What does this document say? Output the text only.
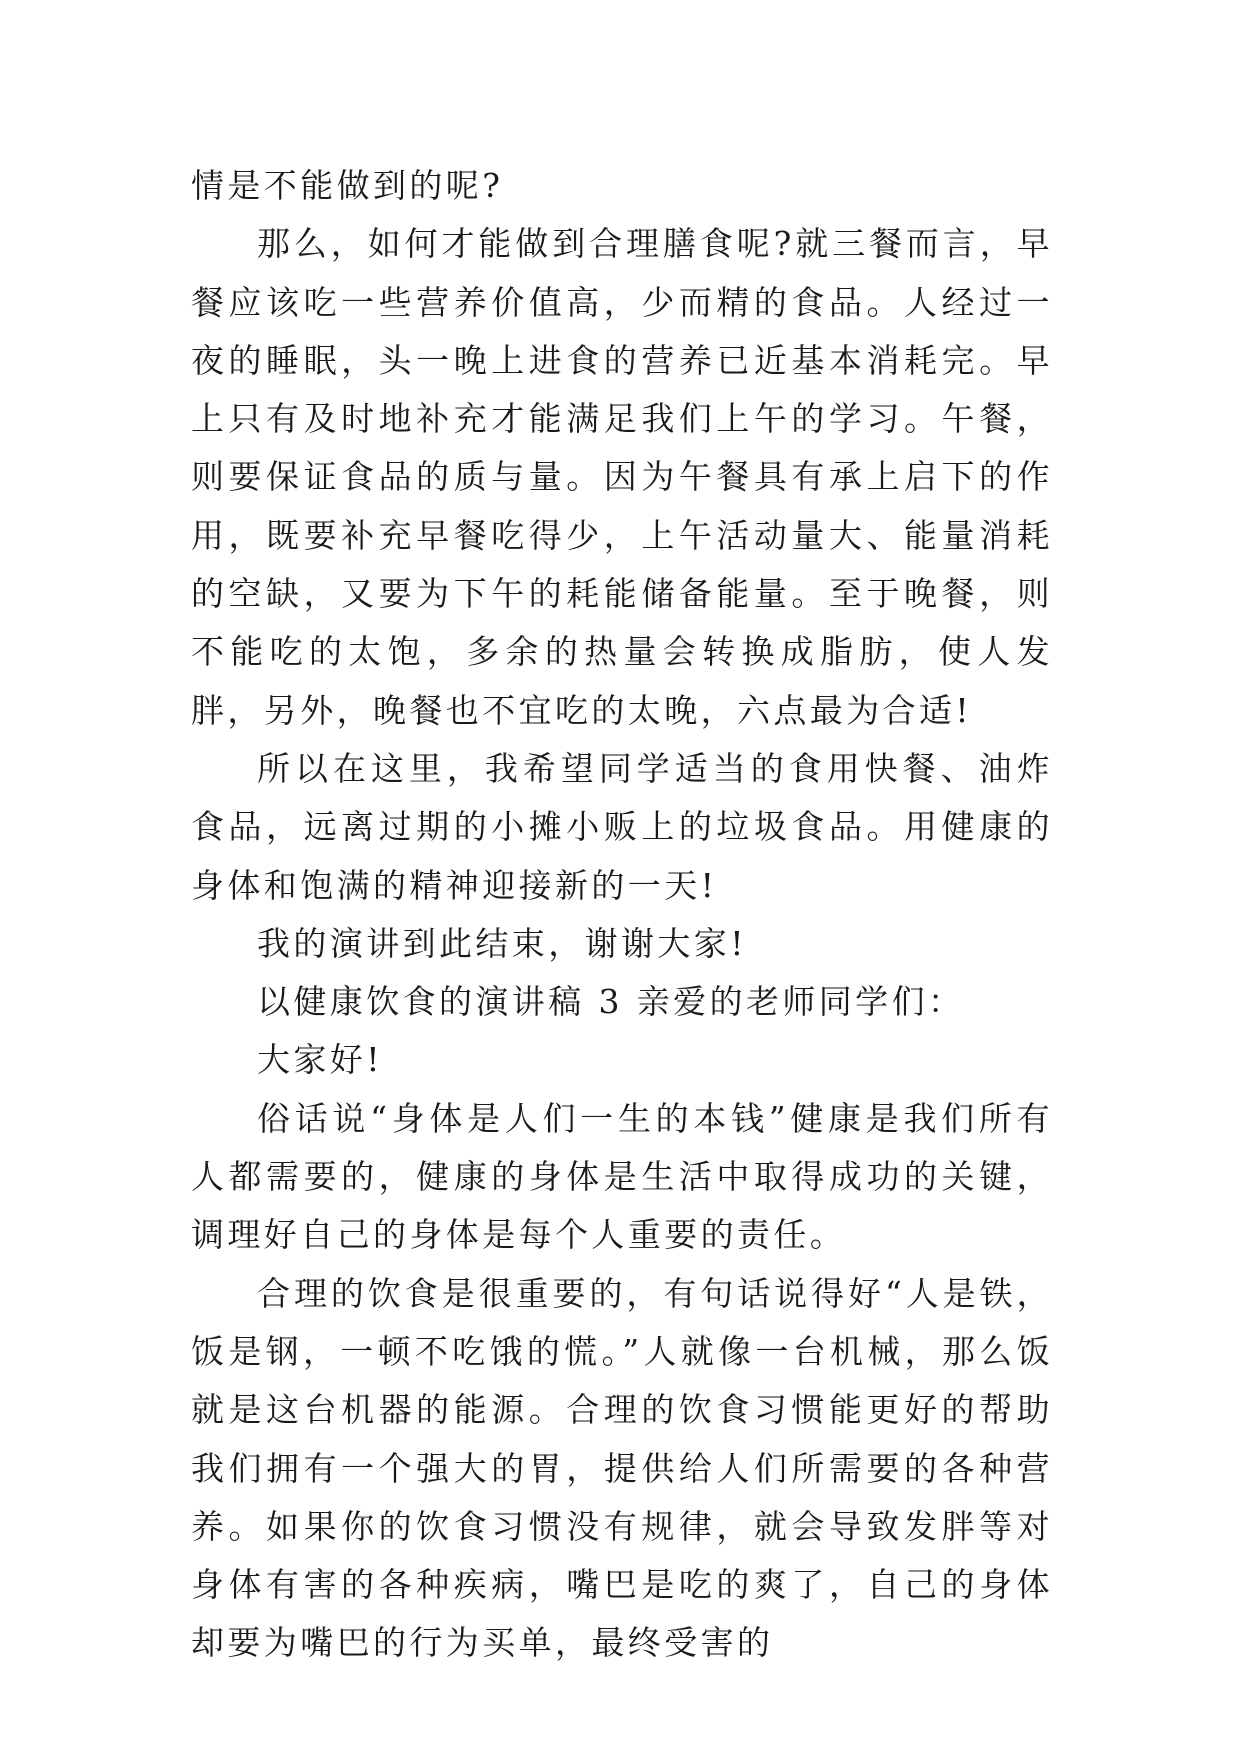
情是不能做到的呢?

那么，如何才能做到合理膳食呢?就三餐而言，早餐应该吃一些营养价值高，少而精的食品。人经过一夜的睡眠，头一晚上进食的营养已近基本消耗完。早上只有及时地补充才能满足我们上午的学习。午餐，则要保证食品的质与量。因为午餐具有承上启下的作用，既要补充早餐吃得少，上午活动量大、能量消耗的空缺，又要为下午的耗能储备能量。至于晚餐，则不能吃的太饱，多余的热量会转换成脂肪，使人发胖，另外，晚餐也不宜吃的太晚，六点最为合适!

所以在这里，我希望同学适当的食用快餐、油炸食品，远离过期的小摊小贩上的垃圾食品。用健康的身体和饱满的精神迎接新的一天!

我的演讲到此结束，谢谢大家!

以健康饮食的演讲稿 3 亲爱的老师同学们：

大家好!

俗话说“身体是人们一生的本钱”健康是我们所有人都需要的，健康的身体是生活中取得成功的关键，调理好自己的身体是每个人重要的责任。

合理的饮食是很重要的，有句话说得好“人是铁，饭是钢，一顿不吃饿的慌。”人就像一台机械，那么饭就是这台机器的能源。合理的饮食习惯能更好的帮助我们拥有一个强大的胃，提供给人们所需要的各种营养。如果你的饮食习惯没有规律，就会导致发胖等对身体有害的各种疾病，嘴巴是吃的爽了，自己的身体却要为嘴巴的行为买单，最终受害的
